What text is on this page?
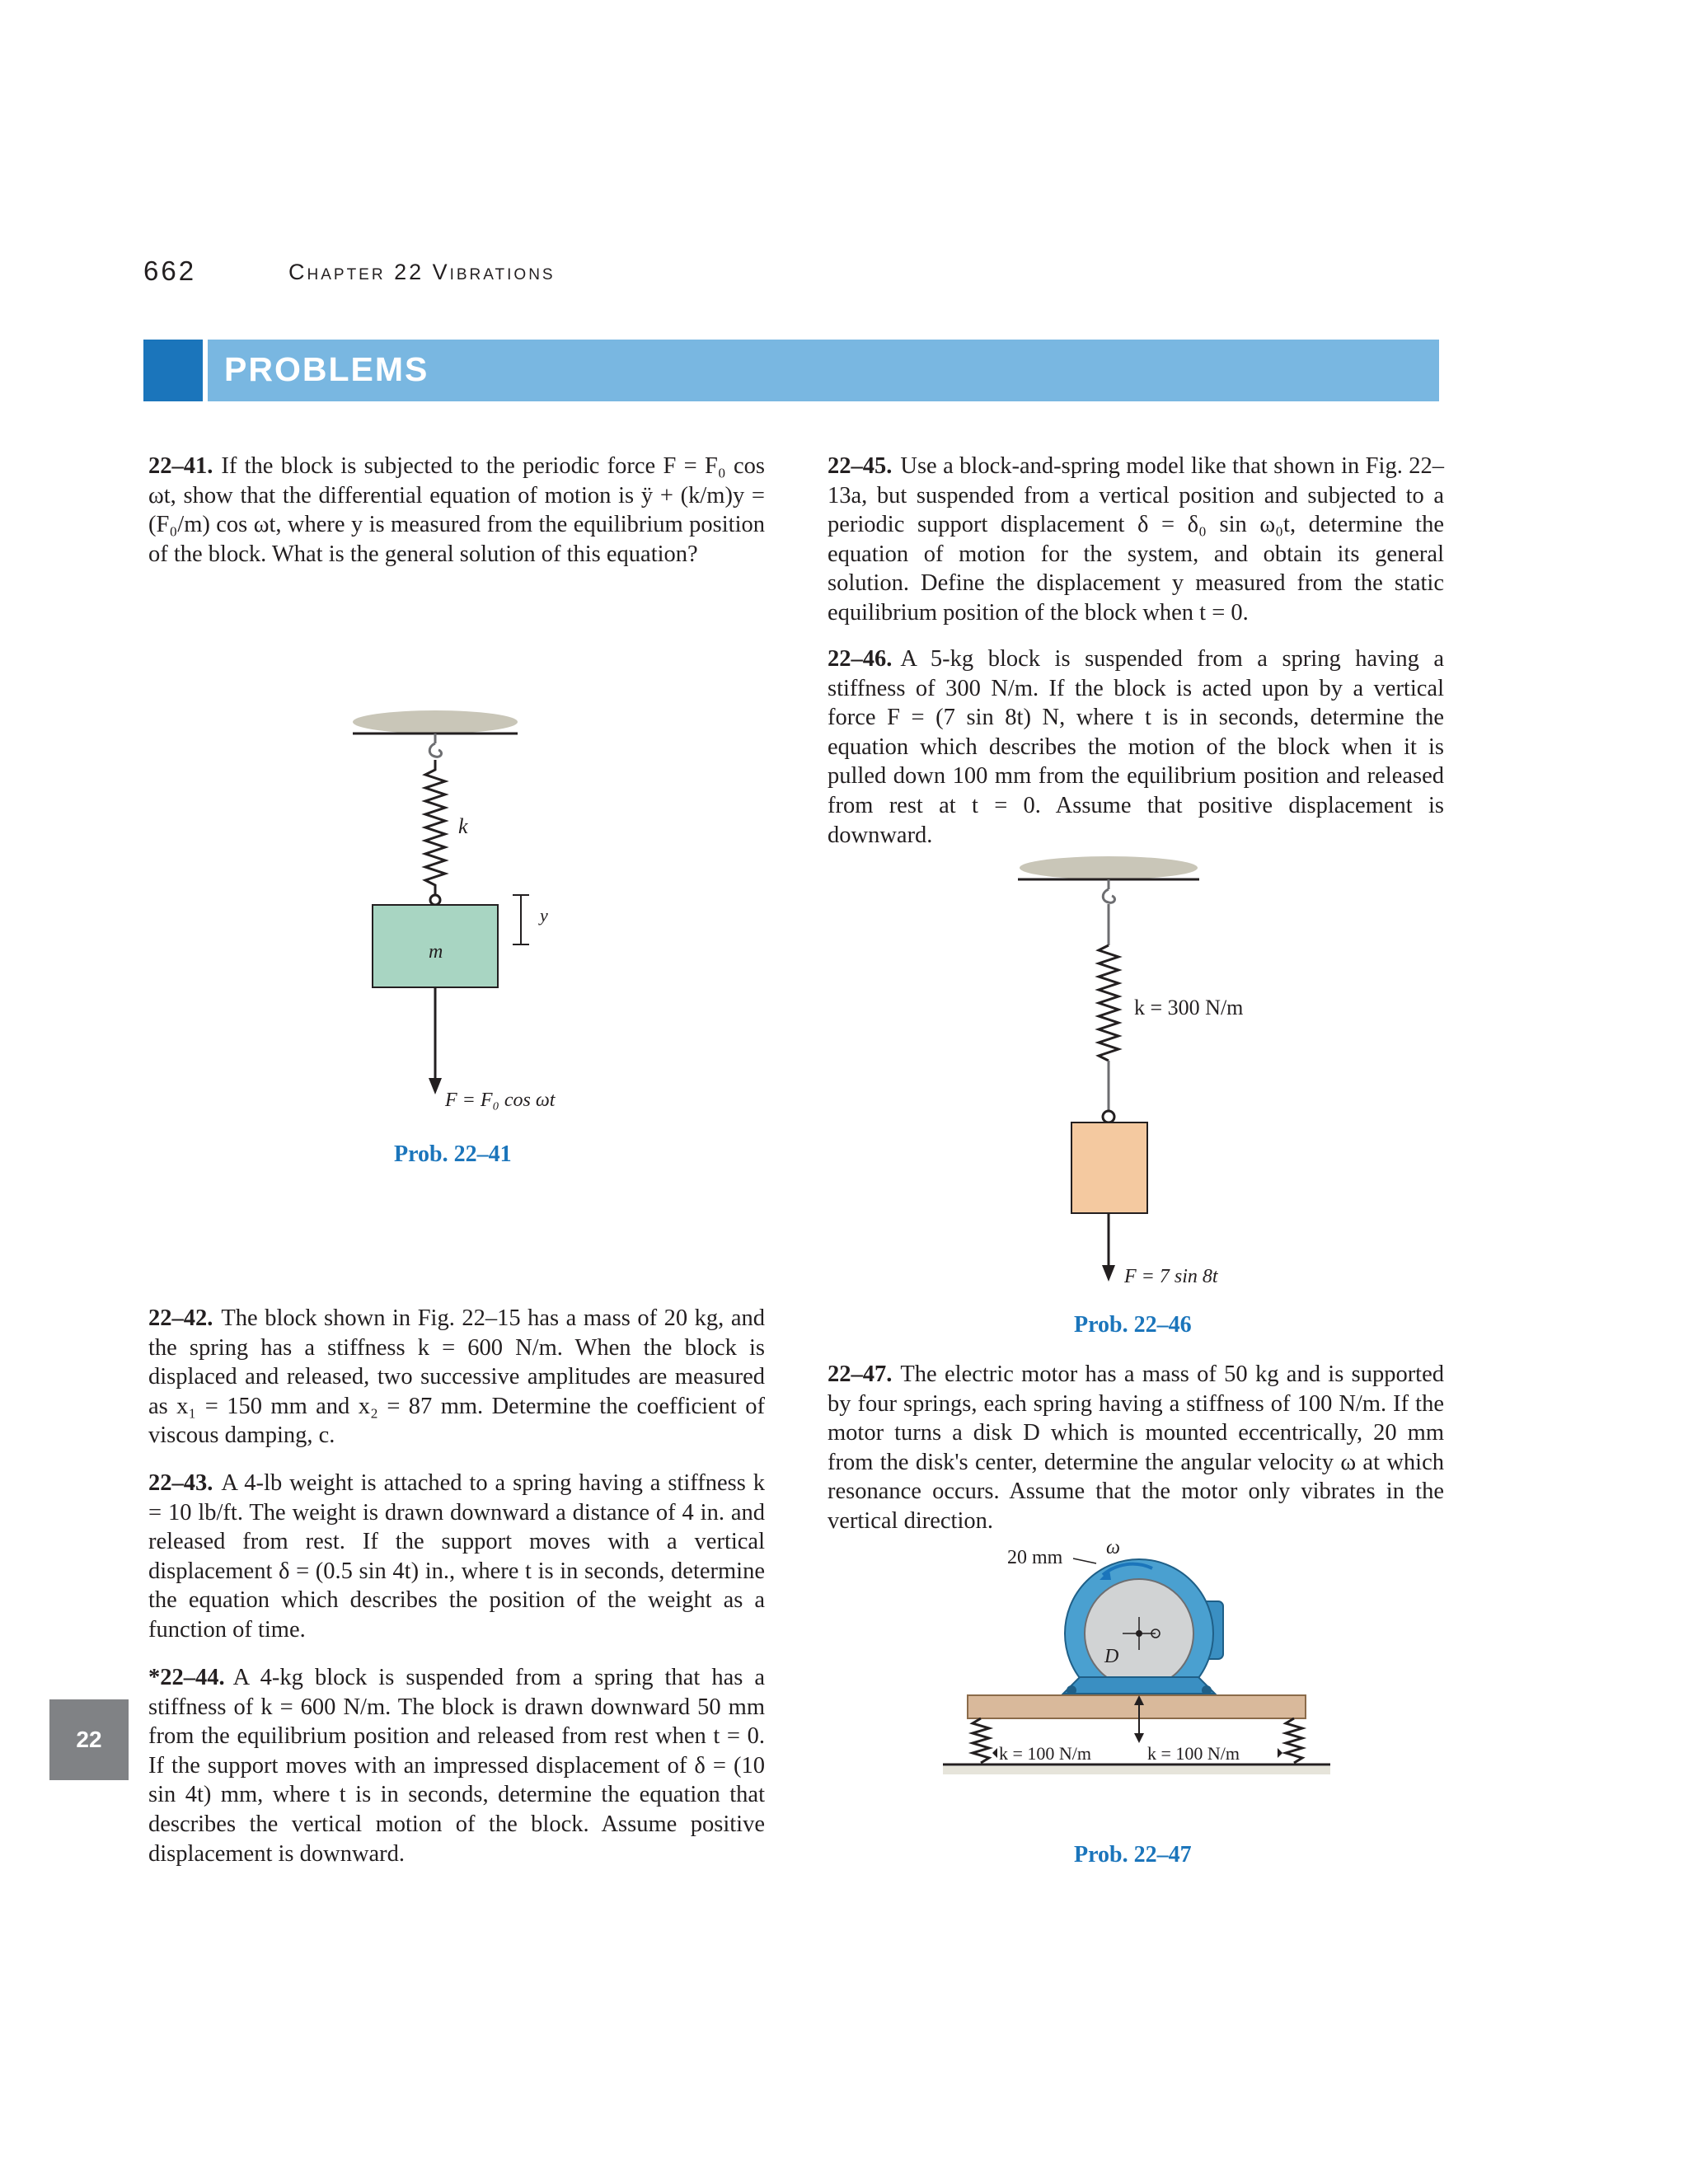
662	Chapter 22 Vibrations
PROBLEMS
22–41. If the block is subjected to the periodic force F = F₀ cos ωt, show that the differential equation of motion is ÿ + (k/m)y = (F₀/m) cos ωt, where y is measured from the equilibrium position of the block. What is the general solution of this equation?
k
m
y
F = F₀ cos ωt
Prob. 22–41
22–42. The block shown in Fig. 22–15 has a mass of 20 kg, and the spring has a stiffness k = 600 N/m. When the block is displaced and released, two successive amplitudes are measured as x₁ = 150 mm and x₂ = 87 mm. Determine the coefficient of viscous damping, c.
22–43. A 4-lb weight is attached to a spring having a stiffness k = 10 lb/ft. The weight is drawn downward a distance of 4 in. and released from rest. If the support moves with a vertical displacement δ = (0.5 sin 4t) in., where t is in seconds, determine the equation which describes the position of the weight as a function of time.
*22–44. A 4-kg block is suspended from a spring that has a stiffness of k = 600 N/m. The block is drawn downward 50 mm from the equilibrium position and released from rest when t = 0. If the support moves with an impressed displacement of δ = (10 sin 4t) mm, where t is in seconds, determine the equation that describes the vertical motion of the block. Assume positive displacement is downward.
22
22–45. Use a block-and-spring model like that shown in Fig. 22–13a, but suspended from a vertical position and subjected to a periodic support displacement δ = δ₀ sin ω₀t, determine the equation of motion for the system, and obtain its general solution. Define the displacement y measured from the static equilibrium position of the block when t = 0.
22–46. A 5-kg block is suspended from a spring having a stiffness of 300 N/m. If the block is acted upon by a vertical force F = (7 sin 8t) N, where t is in seconds, determine the equation which describes the motion of the block when it is pulled down 100 mm from the equilibrium position and released from rest at t = 0. Assume that positive displacement is downward.
k = 300 N/m
F = 7 sin 8t
Prob. 22–46
22–47. The electric motor has a mass of 50 kg and is supported by four springs, each spring having a stiffness of 100 N/m. If the motor turns a disk D which is mounted eccentrically, 20 mm from the disk's center, determine the angular velocity ω at which resonance occurs. Assume that the motor only vibrates in the vertical direction.
20 mm ω
D
k = 100 N/m	k = 100 N/m
Prob. 22–47
